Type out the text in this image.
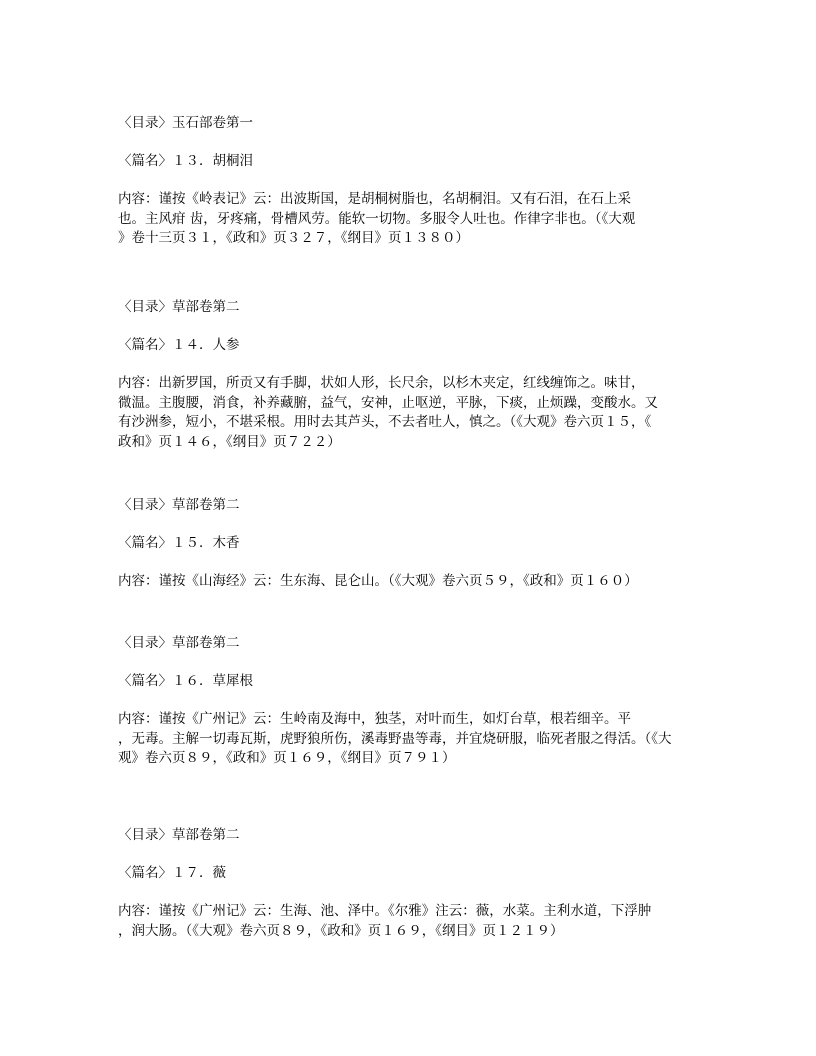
〈目录〉玉石部卷第一
〈篇名〉１３．胡桐泪
内容：谨按《岭表记》云：出波斯国，是胡桐树脂也，名胡桐泪。又有石泪，在石上采
也。主风疳 齿，牙疼痛，骨槽风劳。能软一切物。多服令人吐也。作律字非也。（《大观
》卷十三页３１，《政和》页３２７，《纲目》页１３８０）
〈目录〉草部卷第二
〈篇名〉１４．人参
内容：出新罗国，所贡又有手脚，状如人形，长尺余，以杉木夹定，红线缠饰之。味甘，
微温。主腹腰，消食，补养藏腑，益气，安神，止呕逆，平脉，下痰，止烦躁，变酸水。又
有沙洲参，短小，不堪采根。用时去其芦头，不去者吐人，慎之。（《大观》卷六页１５，《
政和》页１４６，《纲目》页７２２）
〈目录〉草部卷第二
〈篇名〉１５．木香
内容：谨按《山海经》云：生东海、昆仑山。（《大观》卷六页５９，《政和》页１６０）
〈目录〉草部卷第二
〈篇名〉１６．草犀根
内容：谨按《广州记》云：生岭南及海中，独茎，对叶而生，如灯台草，根若细辛。平
，无毒。主解一切毒瓦斯，虎野狼所伤，溪毒野蛊等毒，并宜烧研服，临死者服之得活。（《大
观》卷六页８９，《政和》页１６９，《纲目》页７９１）
〈目录〉草部卷第二
〈篇名〉１７．薇
内容：谨按《广州记》云：生海、池、泽中。《尔雅》注云：薇，水菜。主利水道，下浮肿
，润大肠。（《大观》卷六页８９，《政和》页１６９，《纲目》页１２１９）
